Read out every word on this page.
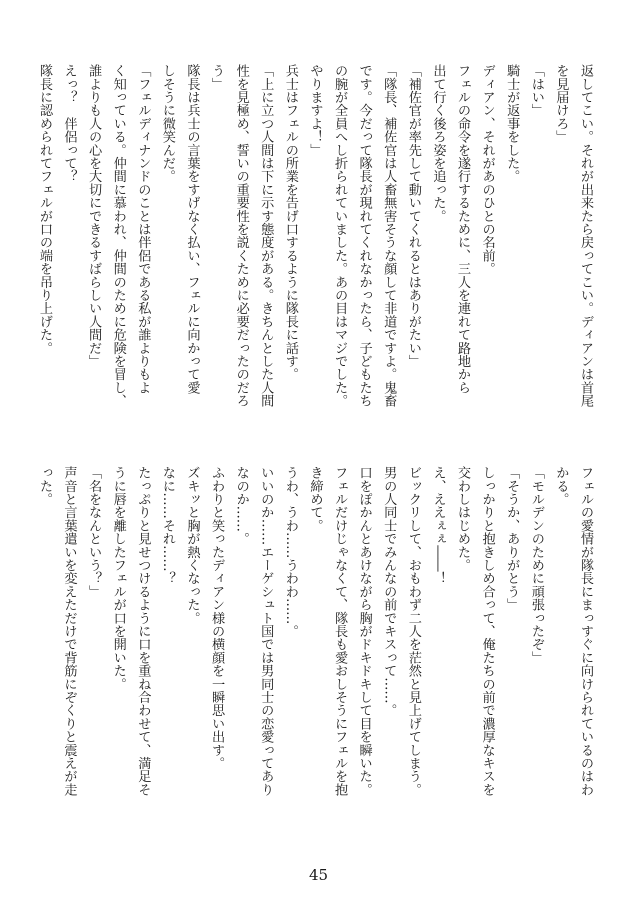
返してこい。それが出来たら戻ってこい。ディアンは首尾
を見届けろ」
「はい」
騎士が返事をした。
ディアン、それがあのひとの名前。
フェルの命令を遂行するために、三人を連れて路地から
出て行く後ろ姿を追った。
「補佐官が率先して動いてくれるとはありがたい」
「隊長、補佐官は人畜無害そうな顔して非道ですよ。鬼畜
です。今だって隊長が現れてくれなかったら、子どもたち
の腕が全員へし折られていました。あの目はマジでした。
やりますよ！」
兵士はフェルの所業を告げ口するように隊長に話す。
「上に立つ人間は下に示す態度がある。きちんとした人間
性を見極め、誓いの重要性を説くために必要だったのだろ
う」
隊長は兵士の言葉をすげなく払い、フェルに向かって愛
しそうに微笑んだ。
「フェルディナンドのことは伴侶である私が誰よりもよ
く知っている。仲間に慕われ、仲間のために危険を冒し、
誰よりも人の心を大切にできるすばらしい人間だ」
えっ？　伴侶って？
隊長に認められてフェルが口の端を吊り上げた。
フェルの愛情が隊長にまっすぐに向けられているのはわ
かる。
「モルデンのために頑張ったぞ」
「そうか、ありがとう」
しっかりと抱きしめ合って、俺たちの前で濃厚なキスを
交わしはじめた。
え、ええぇぇ――！
ビックリして、おもわず二人を茫然と見上げてしまう。
男の人同士でみんなの前でキスって……。
口をぽかんとあけながら胸がドキドキして目を瞬いた。
フェルだけじゃなくて、隊長も愛おしそうにフェルを抱
き締めて。
うわ、うわ……うわわ……。
いいのか……エーゲシュト国では男同士の恋愛ってあり
なのか……。
ふわりと笑ったディアン様の横顔を一瞬思い出す。
ズキッと胸が熱くなった。
なに……それ……？
たっぷりと見せつけるように口を重ね合わせて、満足そ
うに唇を離したフェルが口を開いた。
「名をなんという？」
声音と言葉遣いを変えただけで背筋にぞくりと震えが走
った。
45
